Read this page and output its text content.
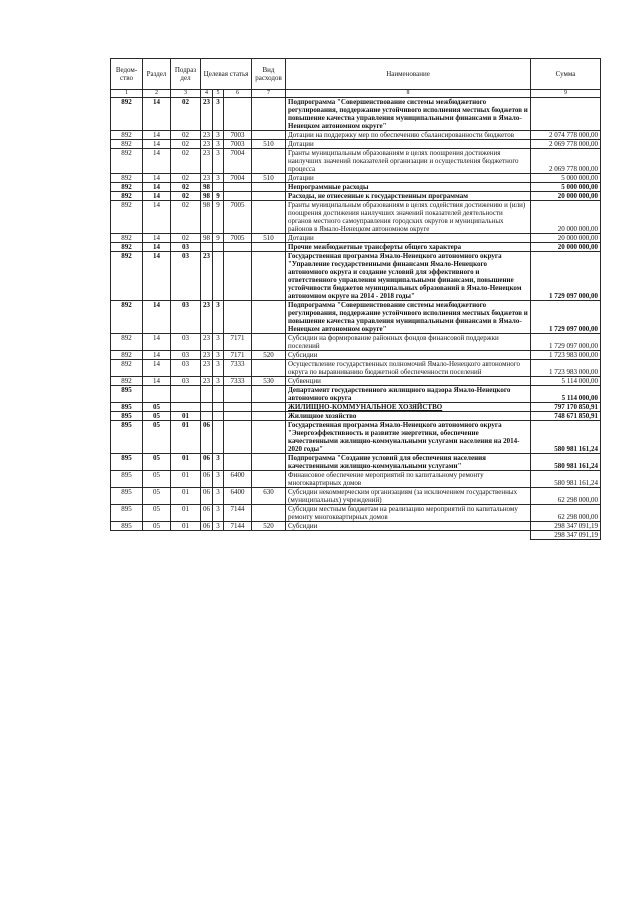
Ведом-ство	Раздел	Подраз дел	Целевая статья			Вид расходов	Наименование	Сумма
1	2	3	4	5	6	7	8	9
892	14	02	23	3			Подпрограмма "Совершенствование системы межбюджетного регулирования, поддержание устойчивого исполнения местных бюджетов и повышение качества управления муниципальными финансами в Ямало-Ненецком автономном округе"	
892	14	02	23	3	7003		Дотации на поддержку мер по обеспечению сбалансированности бюджетов	2 074 778 000,00
892	14	02	23	3	7003	510	Дотации	2 069 778 000,00
892	14	02	23	3	7004		Гранты муниципальным образованиям в целях поощрения достижения наилучших значений показателей организации и осуществления бюджетного процесса	2 069 778 000,00
892	14	02	23	3	7004	510	Дотации	5 000 000,00
892	14	02	98				Непрограммные расходы	5 000 000,00
892	14	02	98	9			Расходы, не отнесенные к государственным программам	20 000 000,00
892	14	02	98	9	7005		Гранты муниципальным образованиям в целях содействия достижению и (или) поощрения достижения наилучших значений показателей деятельности органов местного самоуправления городских округов и муниципальных районов в Ямало-Ненецком автономном округе	20 000 000,00
892	14	02	98	9	7005	510	Дотации	20 000 000,00
892	14	03					Прочие межбюджетные трансферты общего характера	20 000 000,00
892	14	03	23				Государственная программа Ямало-Ненецкого автономного округа "Управление государственными финансами Ямало-Ненецкого автономного округа и создание условий для эффективного и ответственного управления муниципальными финансами, повышение устойчивости бюджетов муниципальных образований в Ямало-Ненецком автономном округе на 2014 - 2018 годы"	1 729 097 000,00
892	14	03	23	3			Подпрограмма "Совершенствование системы межбюджетного регулирования, поддержание устойчивого исполнения местных бюджетов и повышение качества управления муниципальными финансами в Ямало-Ненецком автономном округе"	1 729 097 000,00
892	14	03	23	3	7171		Субсидии на формирование районных фондов финансовой поддержки поселений	1 729 097 000,00
892	14	03	23	3	7171	520	Субсидии	1 723 983 000,00
892	14	03	23	3	7333		Осуществление государственных полномочий Ямало-Ненецкого автономного округа по выравниванию бюджетной обеспеченности поселений	1 723 983 000,00
892	14	03	23	3	7333	530	Субвенции	5 114 000,00
895							Департамент государственного жилищного надзора Ямало-Ненецкого автономного округа	5 114 000,00
895	05						ЖИЛИЩНО-КОММУНАЛЬНОЕ ХОЗЯЙСТВО	797 170 850,91
895	05	01					Жилищное хозяйство	748 671 850,91
895	05	01	06				Государственная программа Ямало-Ненецкого автономного округа "Энергоэффективность и развитие энергетики, обеспечение качественными жилищно-коммунальными услугами населения на 2014-2020 годы"	580 981 161,24
895	05	01	06	3			Подпрограмма "Создание условий для обеспечения населения качественными жилищно-коммунальными услугами"	580 981 161,24
895	05	01	06	3	6400		Финансовое обеспечение мероприятий по капитальному ремонту многоквартирных домов	580 981 161,24
895	05	01	06	3	6400	630	Субсидии некоммерческим организациям (за исключением государственных (муниципальных) учреждений)	62 298 000,00
895	05	01	06	3	7144		Субсидии местным бюджетам на реализацию мероприятий по капитальному ремонту многоквартирных домов	62 298 000,00
895	05	01	06	3	7144	520	Субсидии	298 347 091,19
								298 347 091,19
